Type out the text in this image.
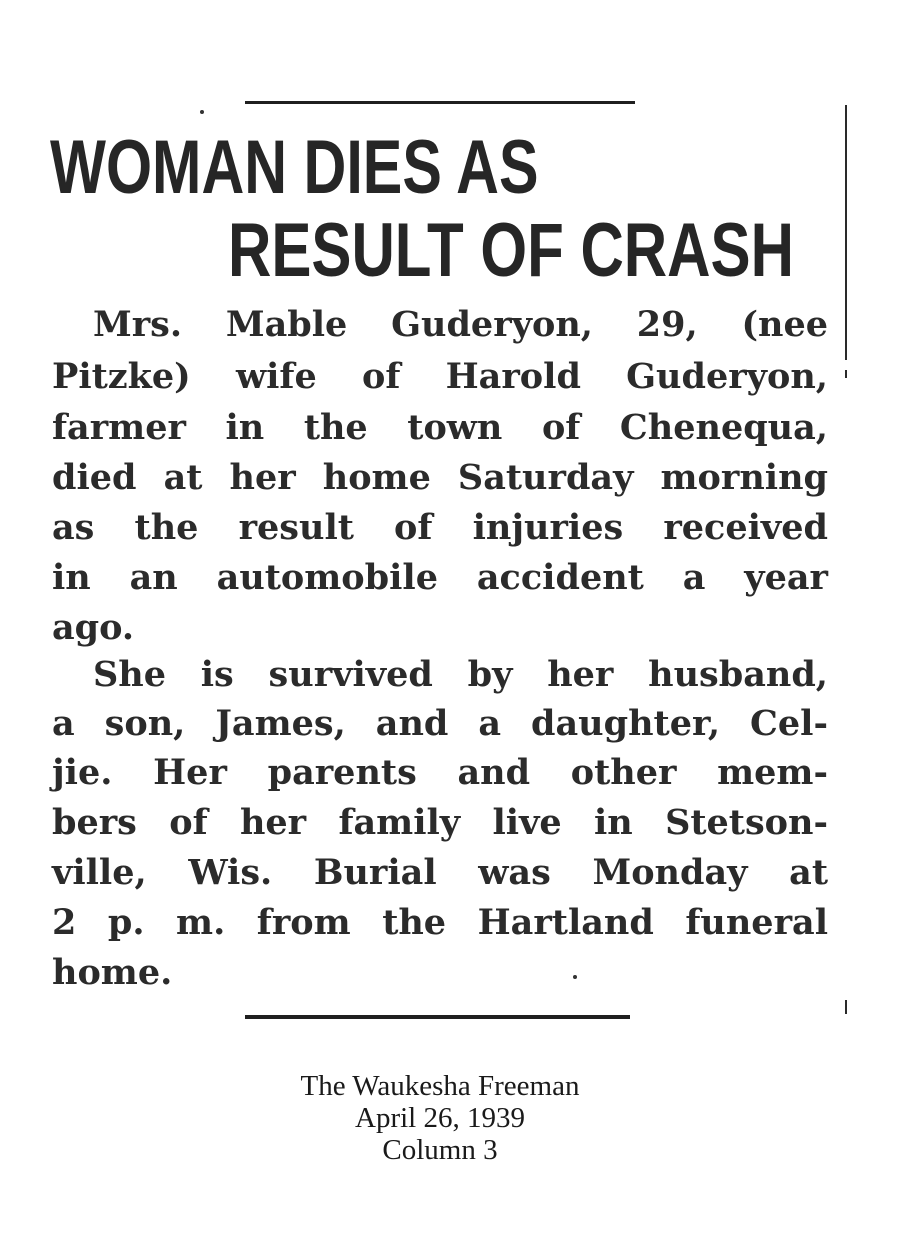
WOMAN DIES AS
RESULT OF CRASH
Mrs. Mable Guderyon, 29, (nee
Pitzke) wife of Harold Guderyon,
farmer in the town of Chenequa,
died at her home Saturday morning
as the result of injuries received
in an automobile accident a year
ago.
She is survived by her husband,
a son, James, and a daughter, Cel-
jie. Her parents and other mem-
bers of her family live in Stetson-
ville, Wis. Burial was Monday at
2 p. m. from the Hartland funeral
home.
The Waukesha Freeman
April 26, 1939
Column 3
